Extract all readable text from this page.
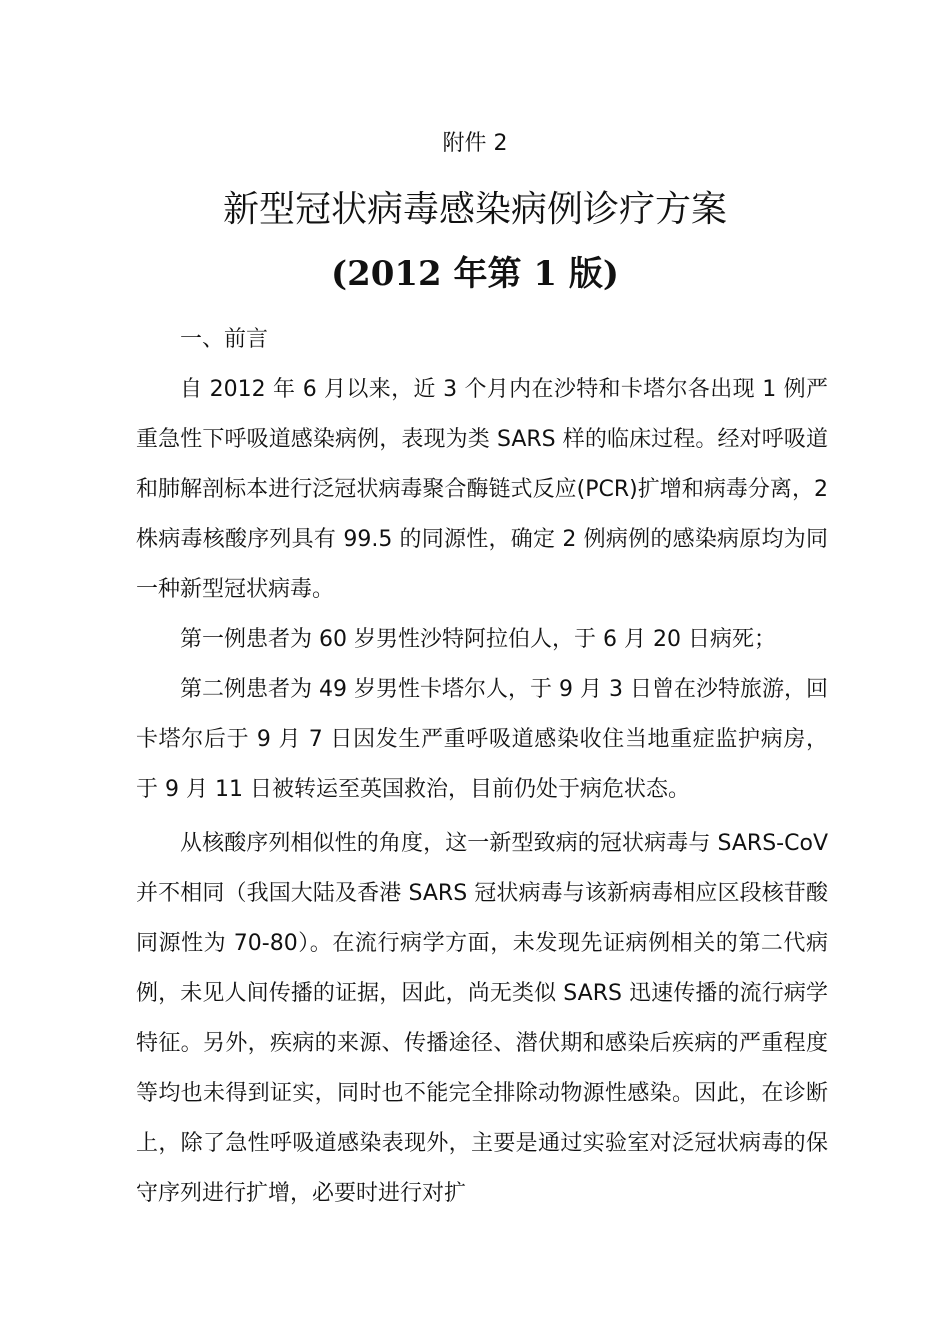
附件 2
新型冠状病毒感染病例诊疗方案
(2012 年第 1 版)

一、前言

自 2012 年 6 月以来，近 3 个月内在沙特和卡塔尔各出现 1 例严重急性下呼吸道感染病例，表现为类 SARS 样的临床过程。经对呼吸道和肺解剖标本进行泛冠状病毒聚合酶链式反应(PCR)扩增和病毒分离，2 株病毒核酸序列具有 99.5 的同源性，确定 2 例病例的感染病原均为同一种新型冠状病毒。

第一例患者为 60 岁男性沙特阿拉伯人，于 6 月 20 日病死；

第二例患者为 49 岁男性卡塔尔人，于 9 月 3 日曾在沙特旅游，回卡塔尔后于 9 月 7 日因发生严重呼吸道感染收住当地重症监护病房，于 9 月 11 日被转运至英国救治，目前仍处于病危状态。

从核酸序列相似性的角度，这一新型致病的冠状病毒与 SARS-CoV 并不相同（我国大陆及香港 SARS 冠状病毒与该新病毒相应区段核苷酸同源性为 70-80）。在流行病学方面，未发现先证病例相关的第二代病例，未见人间传播的证据，因此，尚无类似 SARS 迅速传播的流行病学特征。另外，疾病的来源、传播途径、潜伏期和感染后疾病的严重程度等均也未得到证实，同时也不能完全排除动物源性感染。因此，在诊断上，除了急性呼吸道感染表现外，主要是通过实验室对泛冠状病毒的保守序列进行扩增，必要时进行对扩
